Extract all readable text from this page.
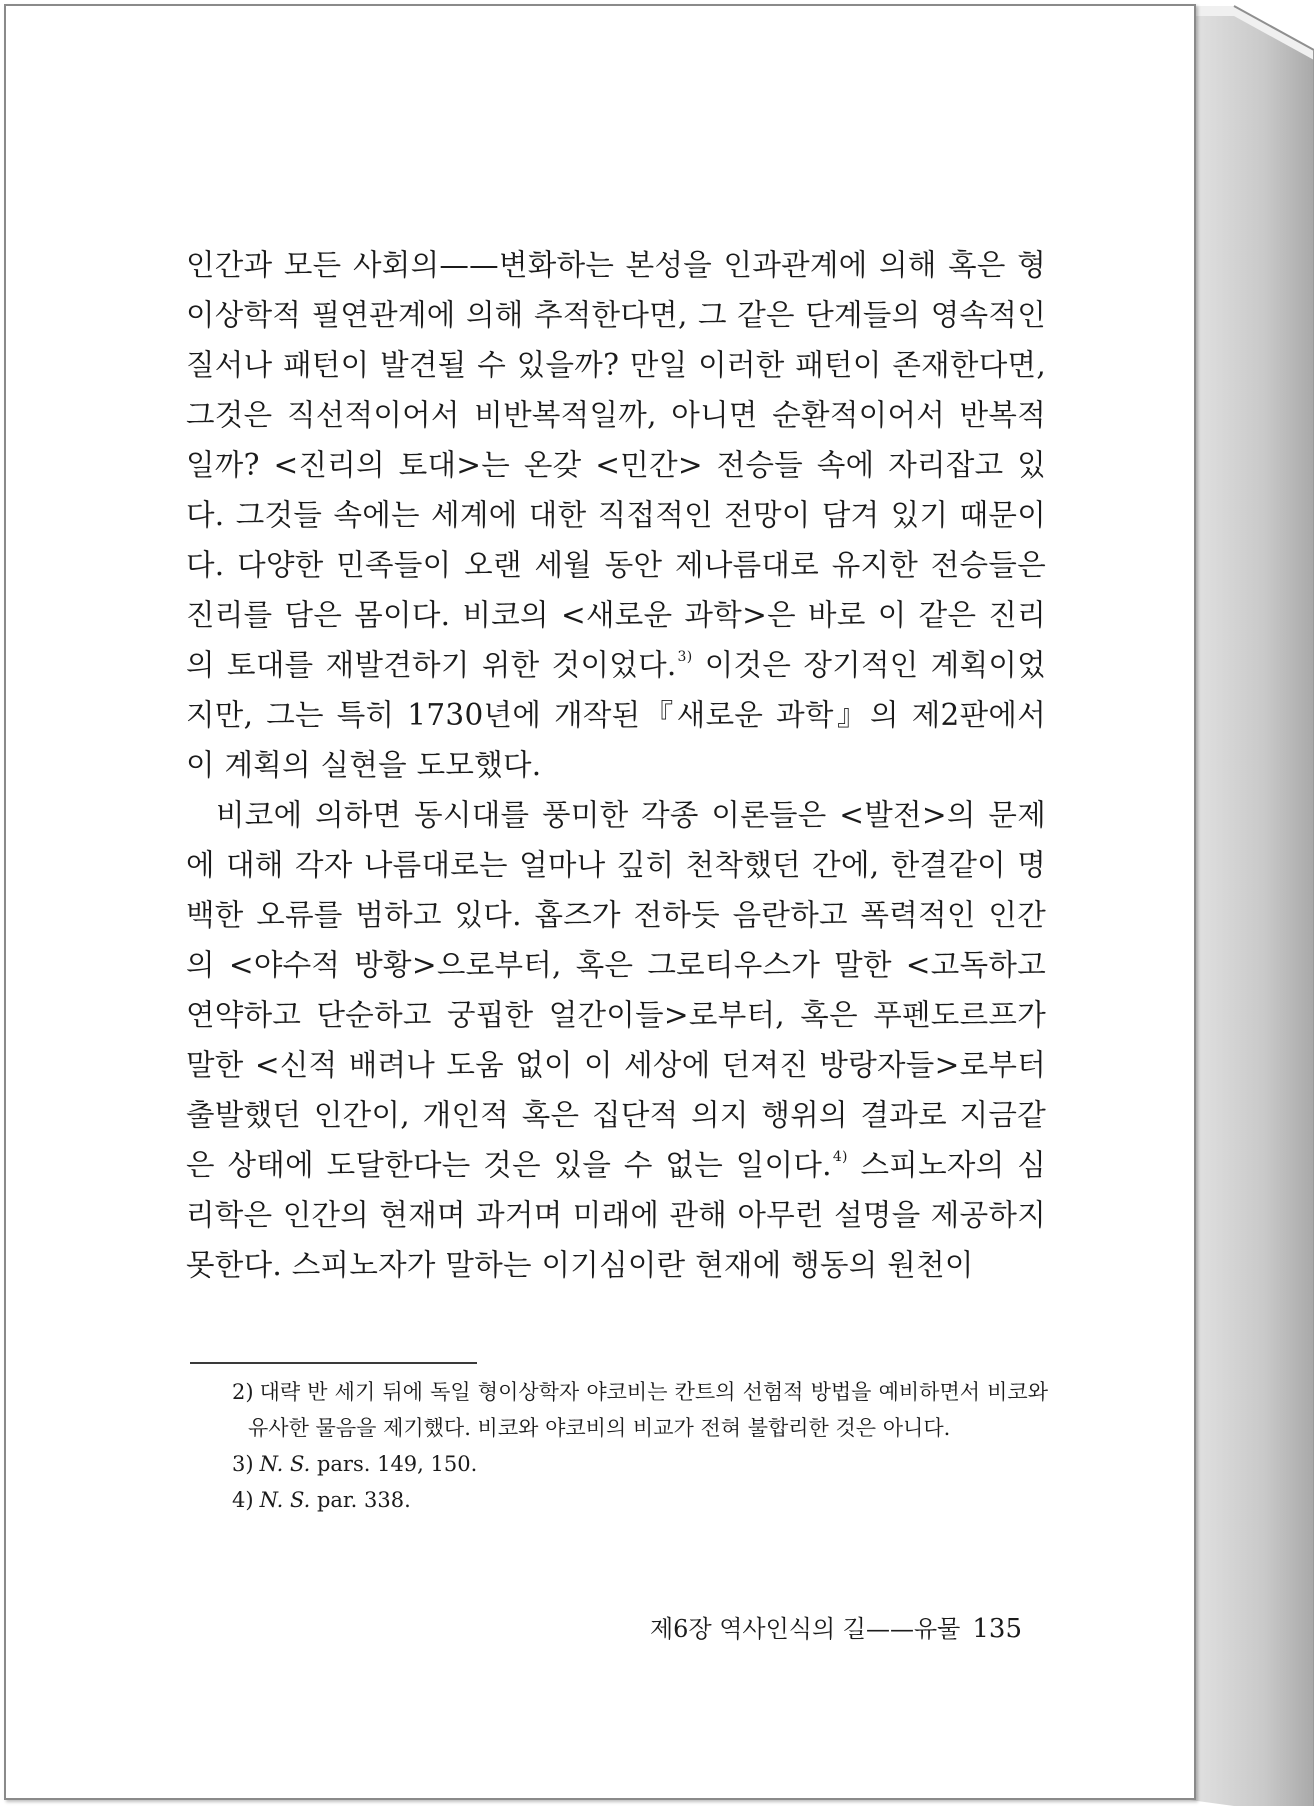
인간과 모든 사회의——변화하는 본성을 인과관계에 의해 혹은 형이상학적 필연관계에 의해 추적한다면, 그 같은 단계들의 영속적인 질서나 패턴이 발견될 수 있을까? 만일 이러한 패턴이 존재한다면, 그것은 직선적이어서 비반복적일까, 아니면 순환적이어서 반복적일까? <진리의 토대>는 온갖 <민간> 전승들 속에 자리잡고 있다. 그것들 속에는 세계에 대한 직접적인 전망이 담겨 있기 때문이다. 다양한 민족들이 오랜 세월 동안 제나름대로 유지한 전승들은 진리를 담은 몸이다. 비코의 <새로운 과학>은 바로 이 같은 진리의 토대를 재발견하기 위한 것이었다.$^{3)}$ 이것은 장기적인 계획이었지만, 그는 특히 1730년에 개작된『새로운 과학』의 제2판에서 이 계획의 실현을 도모했다.

비코에 의하면 동시대를 풍미한 각종 이론들은 <발전>의 문제에 대해 각자 나름대로는 얼마나 깊히 천착했던 간에, 한결같이 명백한 오류를 범하고 있다. 홉즈가 전하듯 음란하고 폭력적인 인간의 <야수적 방황>으로부터, 혹은 그로티우스가 말한 <고독하고 연약하고 단순하고 궁핍한 얼간이들>로부터, 혹은 푸펜도르프가 말한 <신적 배려나 도움 없이 이 세상에 던져진 방랑자들>로부터 출발했던 인간이, 개인적 혹은 집단적 의지 행위의 결과로 지금같은 상태에 도달한다는 것은 있을 수 없는 일이다.$^{4)}$ 스피노자의 심리학은 인간의 현재며 과거며 미래에 관해 아무런 설명을 제공하지 못한다. 스피노자가 말하는 이기심이란 현재에 행동의 원천이

2) 대략 반 세기 뒤에 독일 형이상학자 야코비는 칸트의 선험적 방법을 예비하면서 비코와 유사한 물음을 제기했다. 비코와 야코비의 비교가 전혀 불합리한 것은 아니다.

3) N. S. pars. 149, 150.

4) N. S. par. 338.

제6장 역사인식의 길——유물 135
